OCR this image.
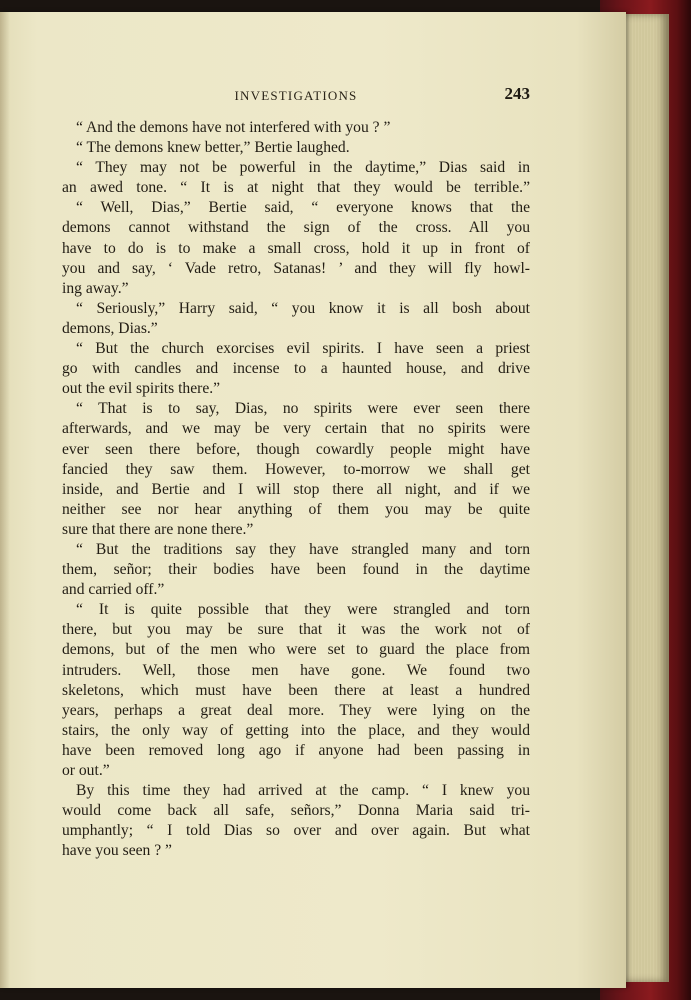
INVESTIGATIONS	243
“ And the demons have not interfered with you ? ”
“ The demons knew better,” Bertie laughed.
“ They may not be powerful in the daytime,” Dias said in
an awed tone. “ It is at night that they would be terrible.”
“ Well, Dias,” Bertie said, “ everyone knows that the
demons cannot withstand the sign of the cross. All you
have to do is to make a small cross, hold it up in front of
you and say, ‘ Vade retro, Satanas! ’ and they will fly howl-
ing away.”
“ Seriously,” Harry said, “ you know it is all bosh about
demons, Dias.”
“ But the church exorcises evil spirits. I have seen a priest
go with candles and incense to a haunted house, and drive
out the evil spirits there.”
“ That is to say, Dias, no spirits were ever seen there
afterwards, and we may be very certain that no spirits were
ever seen there before, though cowardly people might have
fancied they saw them. However, to-morrow we shall get
inside, and Bertie and I will stop there all night, and if we
neither see nor hear anything of them you may be quite
sure that there are none there.”
“ But the traditions say they have strangled many and torn
them, señor; their bodies have been found in the daytime
and carried off.”
“ It is quite possible that they were strangled and torn
there, but you may be sure that it was the work not of
demons, but of the men who were set to guard the place from
intruders. Well, those men have gone. We found two
skeletons, which must have been there at least a hundred
years, perhaps a great deal more. They were lying on the
stairs, the only way of getting into the place, and they would
have been removed long ago if anyone had been passing in
or out.”
By this time they had arrived at the camp. “ I knew you
would come back all safe, señors,” Donna Maria said tri-
umphantly; “ I told Dias so over and over again. But what
have you seen ? ”
